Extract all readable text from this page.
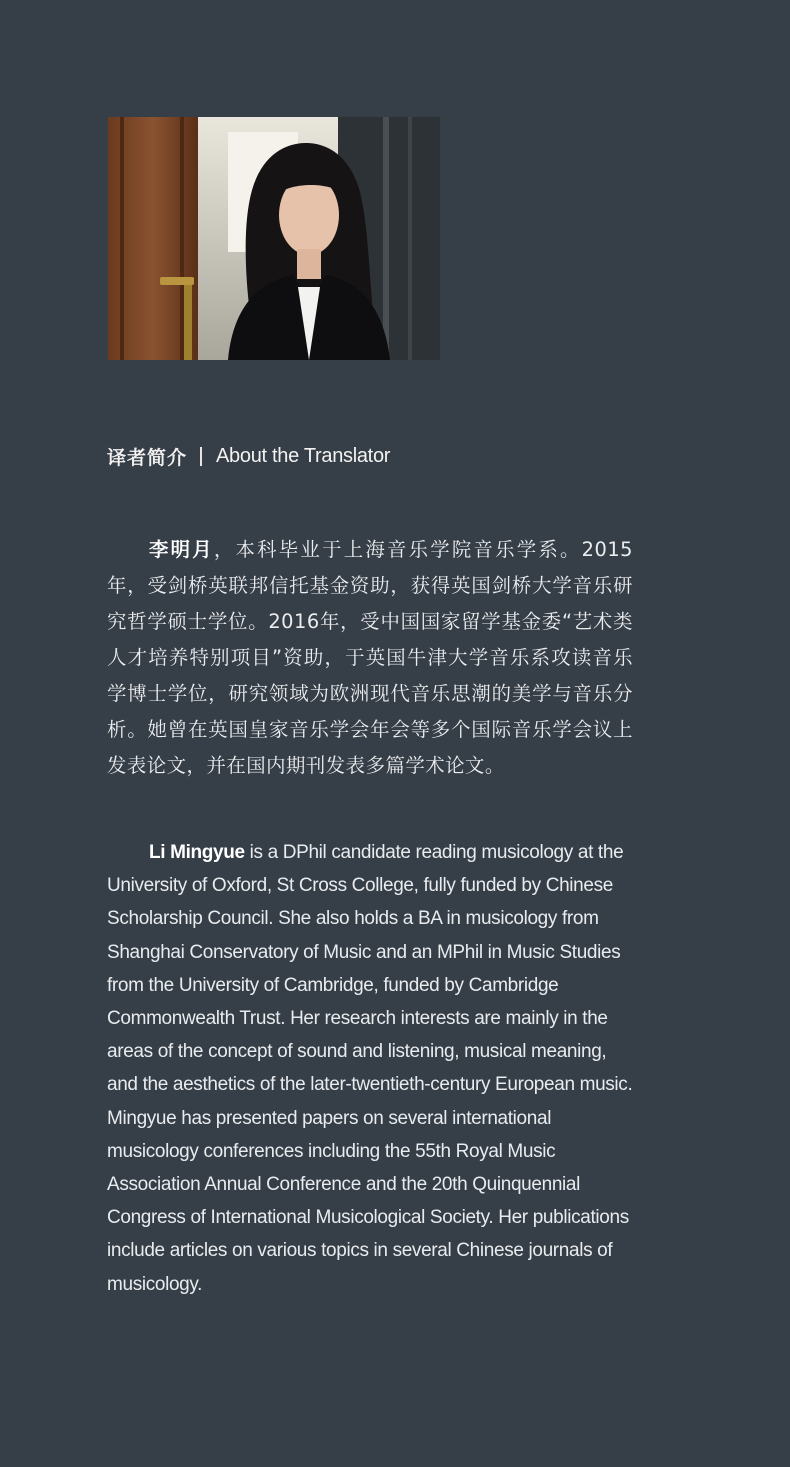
译者简介 About the Translator

李明月，本科毕业于上海音乐学院音乐学系。2015年，受剑桥英联邦信托基金资助，获得英国剑桥大学音乐研究哲学硕士学位。2016年，受中国国家留学基金委“艺术类人才培养特别项目”资助，于英国牛津大学音乐系攻读音乐学博士学位，研究领域为欧洲现代音乐思潮的美学与音乐分析。她曾在英国皇家音乐学会年会等多个国际音乐学会议上发表论文，并在国内期刊发表多篇学术论文。

Li Mingyue is a DPhil candidate reading musicology at the University of Oxford, St Cross College, fully funded by Chinese Scholarship Council. She also holds a BA in musicology from Shanghai Conservatory of Music and an MPhil in Music Studies from the University of Cambridge, funded by Cambridge Commonwealth Trust. Her research interests are mainly in the areas of the concept of sound and listening, musical meaning, and the aesthetics of the later-twentieth-century European music. Mingyue has presented papers on several international musicology conferences including the 55th Royal Music Association Annual Conference and the 20th Quinquennial Congress of International Musicological Society. Her publications include articles on various topics in several Chinese journals of musicology.
